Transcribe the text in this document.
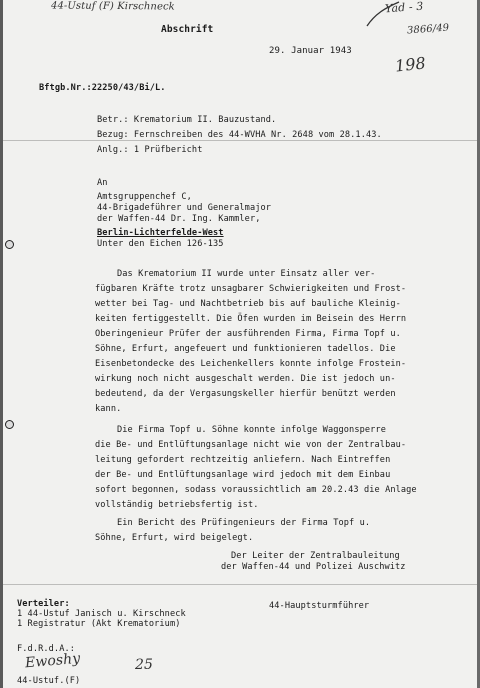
44-Ustuf (F) Kirschneck
Abschrift
29. Januar 1943
Yad - 3
3866/49
198
Bftgb.Nr.:22250/43/Bi/L.
Betr.: Krematorium II. Bauzustand.
Bezug: Fernschreiben des 44-WVHA Nr. 2648 vom 28.1.43.
Anlg.: 1 Prüfbericht
An
Amtsgruppenchef C,
44-Brigadeführer und Generalmajor
der Waffen-44 Dr. Ing. Kammler,
Berlin-Lichterfelde-West
Unter den Eichen 126-135
Das Krematorium II wurde unter Einsatz aller ver-
fügbaren Kräfte trotz unsagbarer Schwierigkeiten und Frost-
wetter bei Tag- und Nachtbetrieb bis auf bauliche Kleinig-
keiten fertiggestellt. Die Öfen wurden im Beisein des Herrn
Oberingenieur Prüfer der ausführenden Firma, Firma Topf u.
Söhne, Erfurt, angefeuert und funktionieren tadellos. Die
Eisenbetondecke des Leichenkellers konnte infolge Frostein-
wirkung noch nicht ausgeschalt werden. Die ist jedoch un-
bedeutend, da der Vergasungskeller hierfür benützt werden
kann.
Die Firma Topf u. Söhne konnte infolge Waggonsperre
die Be- und Entlüftungsanlage nicht wie von der Zentralbau-
leitung gefordert rechtzeitig anliefern. Nach Eintreffen
der Be- und Entlüftungsanlage wird jedoch mit dem Einbau
sofort begonnen, sodass voraussichtlich am 20.2.43 die Anlage
vollständig betriebsfertig ist.
Ein Bericht des Prüfingenieurs der Firma Topf u.
Söhne, Erfurt, wird beigelegt.
Der Leiter der Zentralbauleitung
der Waffen-44 und Polizei Auschwitz
44-Hauptsturmführer
Verteiler:
1 44-Ustuf Janisch u. Kirschneck
1 Registratur (Akt Krematorium)
F.d.R.d.A.:
Ewoshy
44-Ustuf.(F)
25
